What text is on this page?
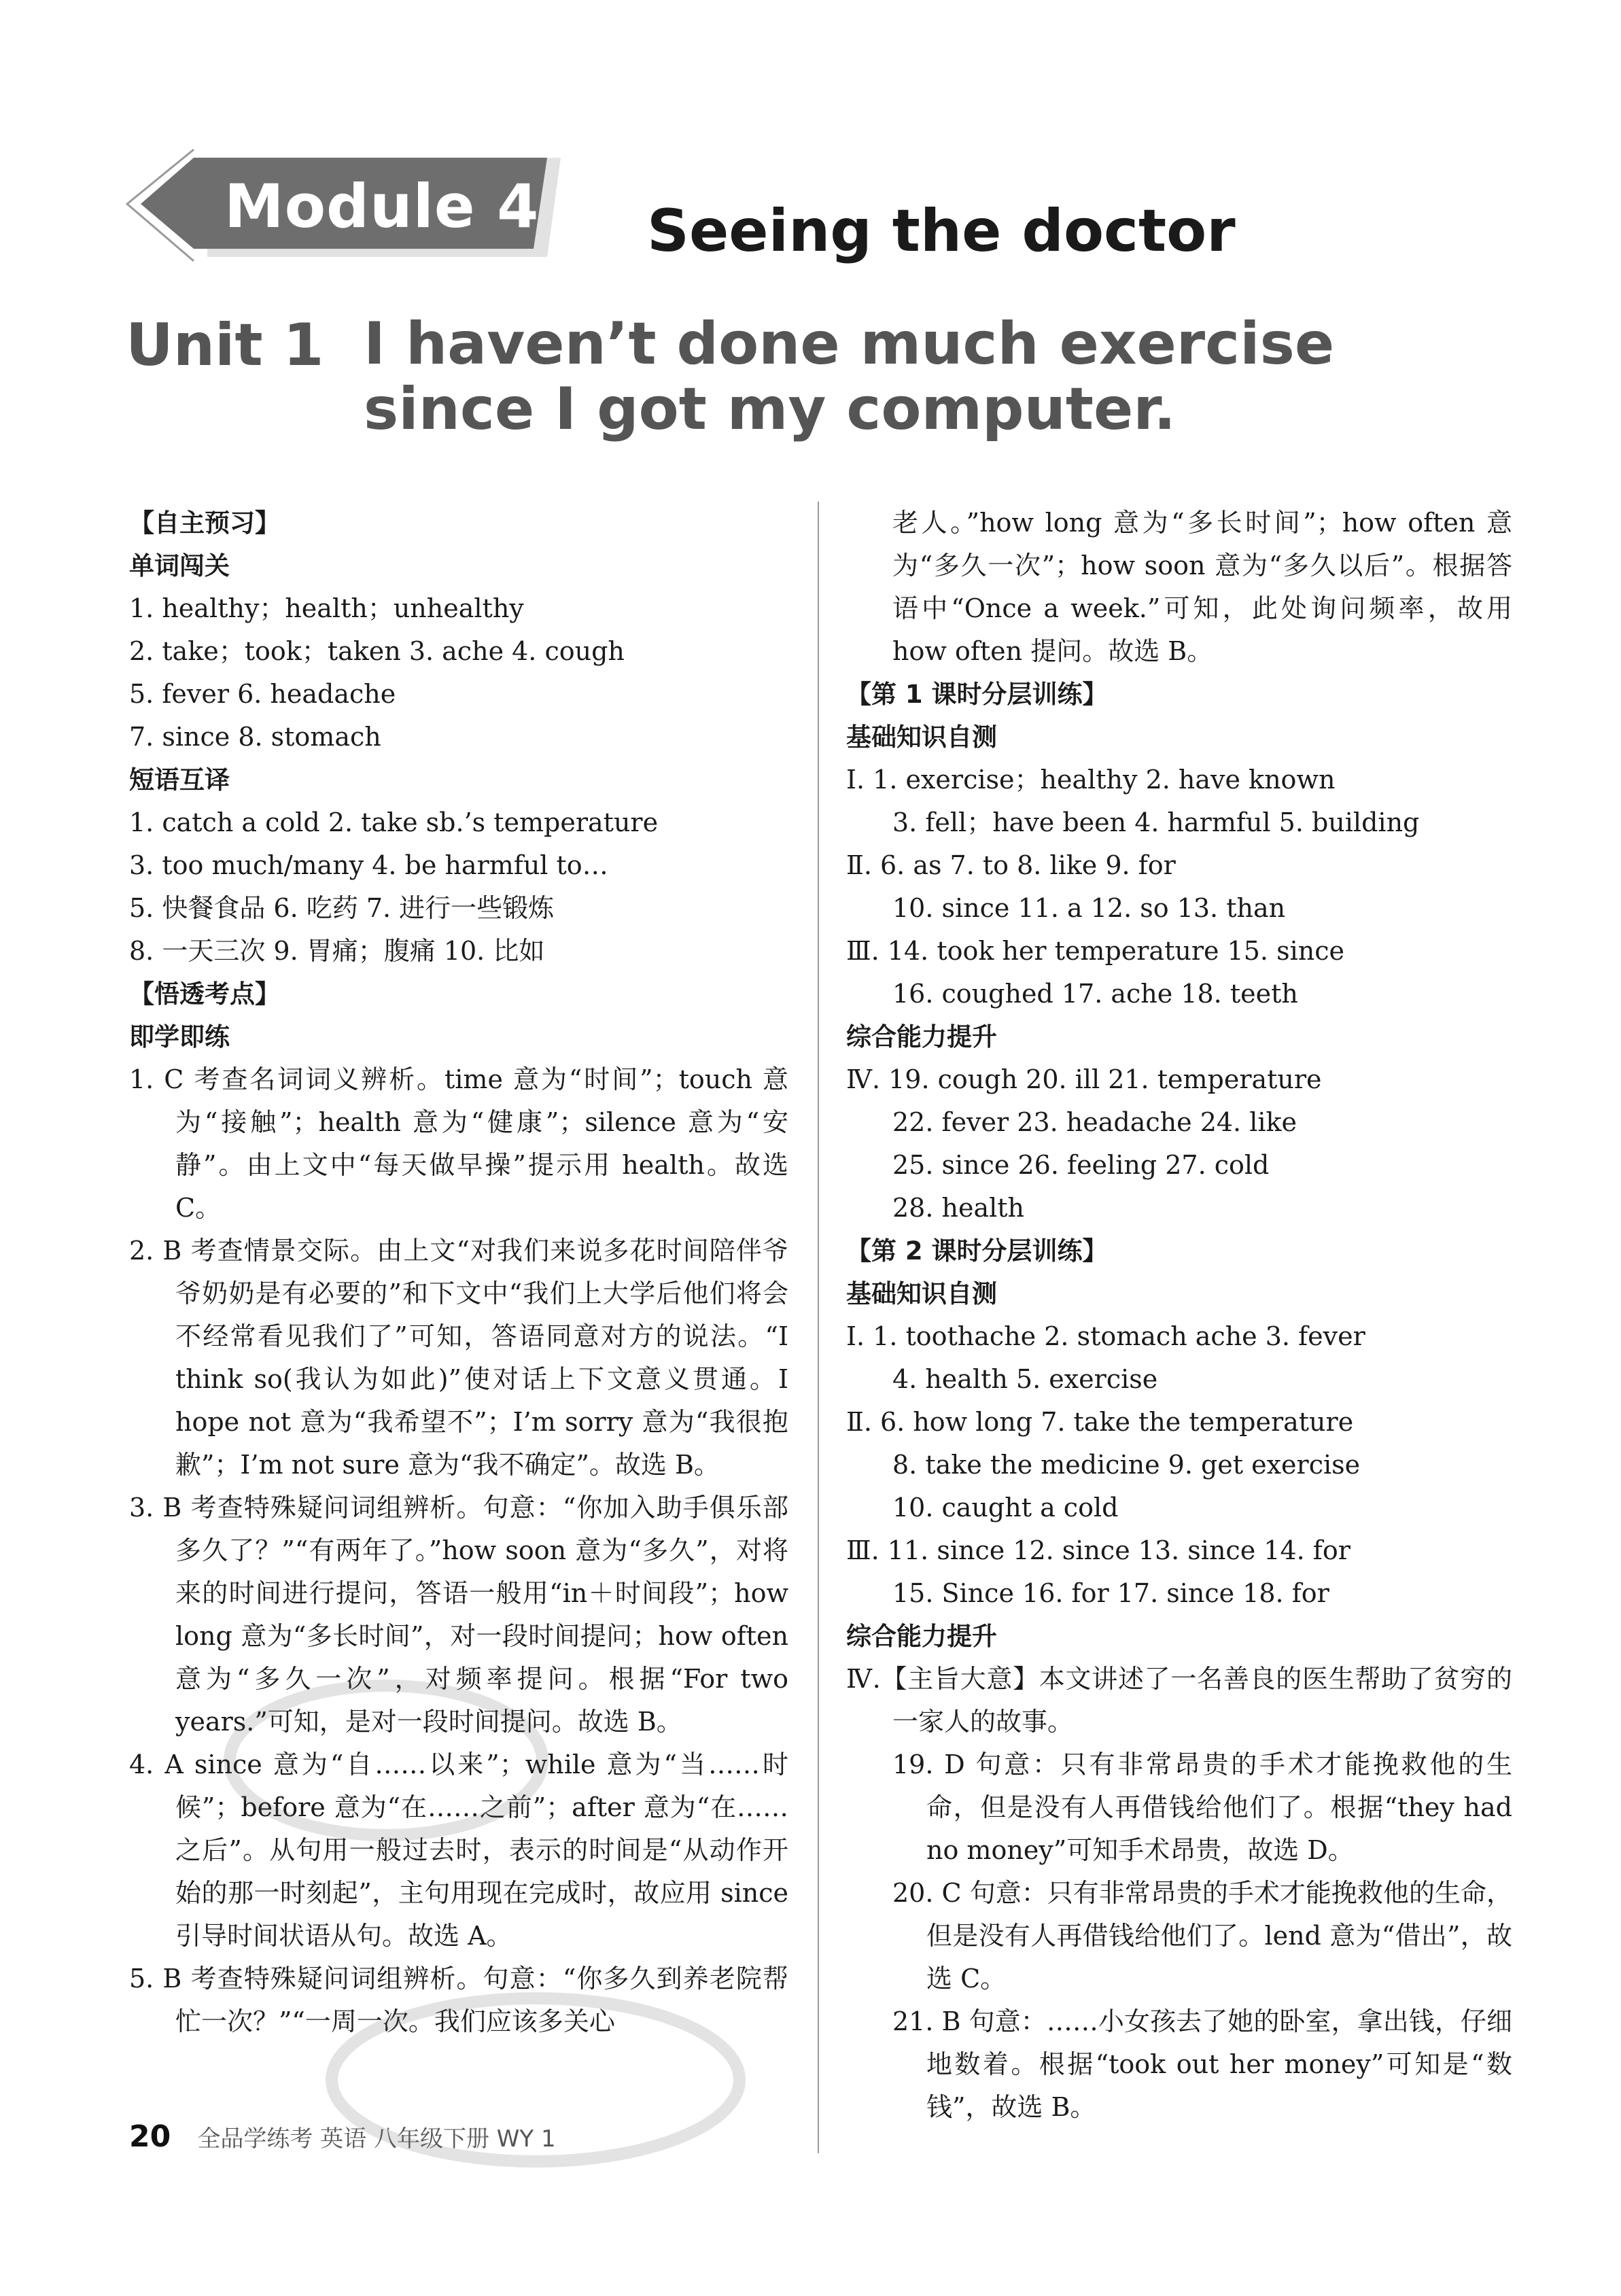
Module 4 Seeing the doctor
Unit 1 I haven’t done much exercise since I got my computer.
【自主预习】
单词闯关
1. healthy；health；unhealthy
2. take；took；taken 3. ache 4. cough
5. fever 6. headache
7. since 8. stomach
短语互译
1. catch a cold 2. take sb.’s temperature
3. too much/many 4. be harmful to…
5. 快餐食品 6. 吃药 7. 进行一些锻炼
8. 一天三次 9. 胃痛；腹痛 10. 比如
【悟透考点】
即学即练
1. C 考查名词词义辨析。time 意为“时间”；touch 意为“接触”；health 意为“健康”；silence 意为“安静”。由上文中“每天做早操”提示用 health。故选 C。
2. B 考查情景交际。由上文“对我们来说多花时间陪伴爷爷奶奶是有必要的”和下文中“我们上大学后他们将会不经常看见我们了”可知，答语同意对方的说法。“I think so(我认为如此)”使对话上下文意义贯通。I hope not 意为“我希望不”；I’m sorry 意为“我很抱歉”；I’m not sure 意为“我不确定”。故选 B。
3. B 考查特殊疑问词组辨析。句意：“你加入助手俱乐部多久了？”“有两年了。”how soon 意为“多久”，对将来的时间进行提问，答语一般用“in＋时间段”；how long 意为“多长时间”，对一段时间提问；how often 意为“多久一次”，对频率提问。根据“For two years.”可知，是对一段时间提问。故选 B。
4. A since 意为“自……以来”；while 意为“当……时候”；before 意为“在……之前”；after 意为“在……之后”。从句用一般过去时，表示的时间是“从动作开始的那一时刻起”，主句用现在完成时，故应用 since 引导时间状语从句。故选 A。
5. B 考查特殊疑问词组辨析。句意：“你多久到养老院帮忙一次？”“一周一次。我们应该多关心
老人。”how long 意为“多长时间”；how often 意为“多久一次”；how soon 意为“多久以后”。根据答语中“Once a week.”可知，此处询问频率，故用 how often 提问。故选 B。
【第 1 课时分层训练】
基础知识自测
Ⅰ. 1. exercise；healthy 2. have known
3. fell；have been 4. harmful 5. building
Ⅱ. 6. as 7. to 8. like 9. for
10. since 11. a 12. so 13. than
Ⅲ. 14. took her temperature 15. since
16. coughed 17. ache 18. teeth
综合能力提升
Ⅳ. 19. cough 20. ill 21. temperature
22. fever 23. headache 24. like
25. since 26. feeling 27. cold
28. health
【第 2 课时分层训练】
基础知识自测
Ⅰ. 1. toothache 2. stomach ache 3. fever
4. health 5. exercise
Ⅱ. 6. how long 7. take the temperature
8. take the medicine 9. get exercise
10. caught a cold
Ⅲ. 11. since 12. since 13. since 14. for
15. Since 16. for 17. since 18. for
综合能力提升
Ⅳ.【主旨大意】本文讲述了一名善良的医生帮助了贫穷的一家人的故事。
19. D 句意：只有非常昂贵的手术才能挽救他的生命，但是没有人再借钱给他们了。根据“they had no money”可知手术昂贵，故选 D。
20. C 句意：只有非常昂贵的手术才能挽救他的生命，但是没有人再借钱给他们了。lend 意为“借出”，故选 C。
21. B 句意：……小女孩去了她的卧室，拿出钱，仔细地数着。根据“took out her money”可知是“数钱”，故选 B。
20 全品学练考 英语 八年级下册 WY 1
